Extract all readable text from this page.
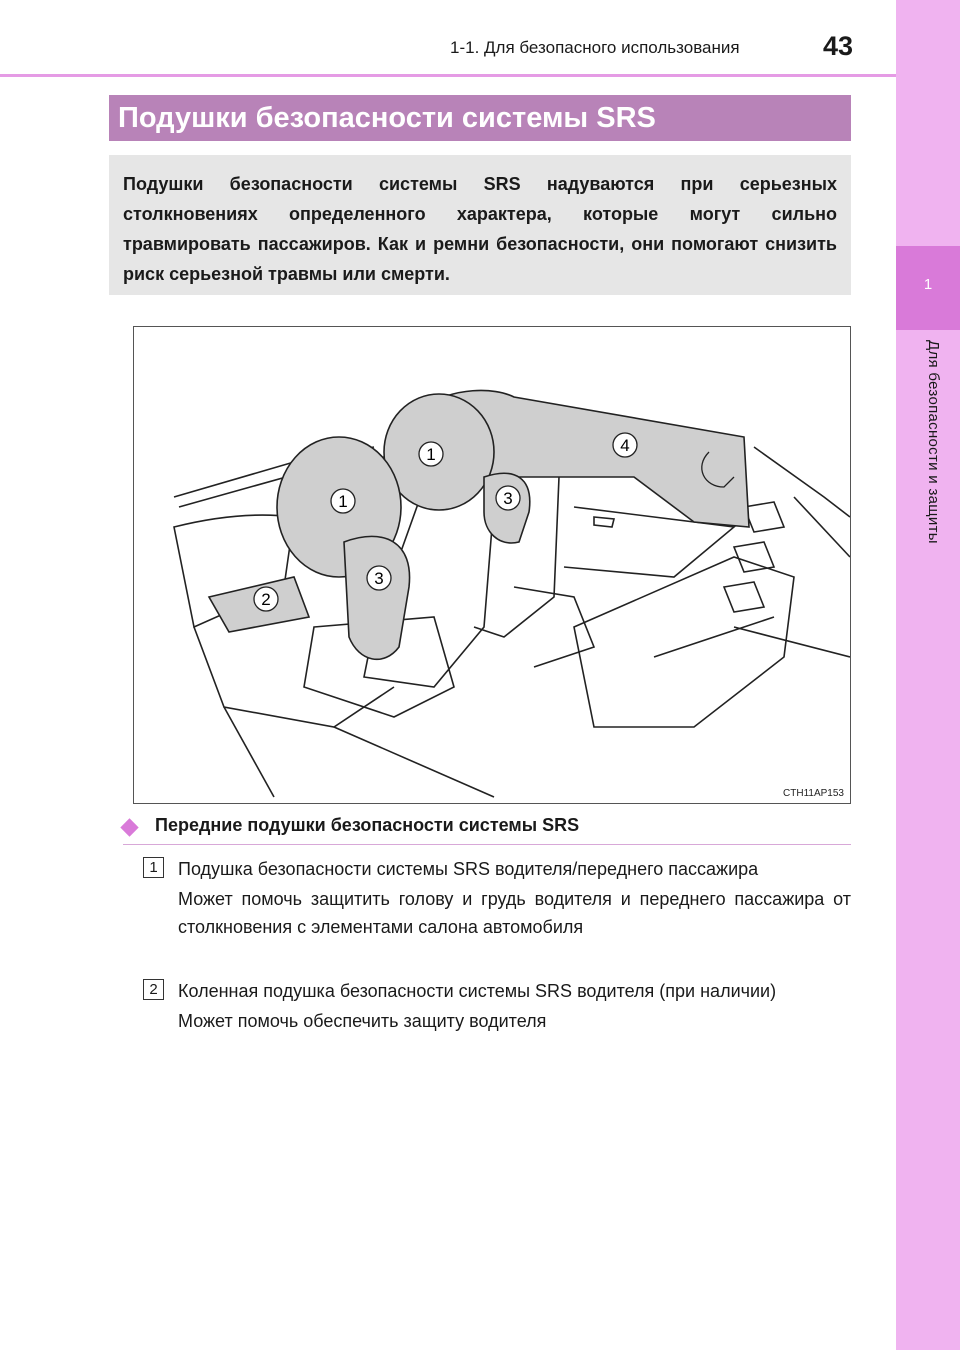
1
Для безопасности и защиты
1-1. Для безопасного использования	43
Подушки безопасности системы SRS
Подушки безопасности системы SRS надуваются при серьезных столкновениях определенного характера, которые могут сильно травмировать пассажиров. Как и ремни безопасности, они помогают снизить риск серьезной травмы или смерти.
1
1	3
3
2
4
CTH11AP153
Передние подушки безопасности системы SRS
1	Подушка безопасности системы SRS водителя/переднего пассажира
Может помочь защитить голову и грудь водителя и переднего пассажира от столкновения с элементами салона автомобиля
2	Коленная подушка безопасности системы SRS водителя (при наличии)
Может помочь обеспечить защиту водителя
